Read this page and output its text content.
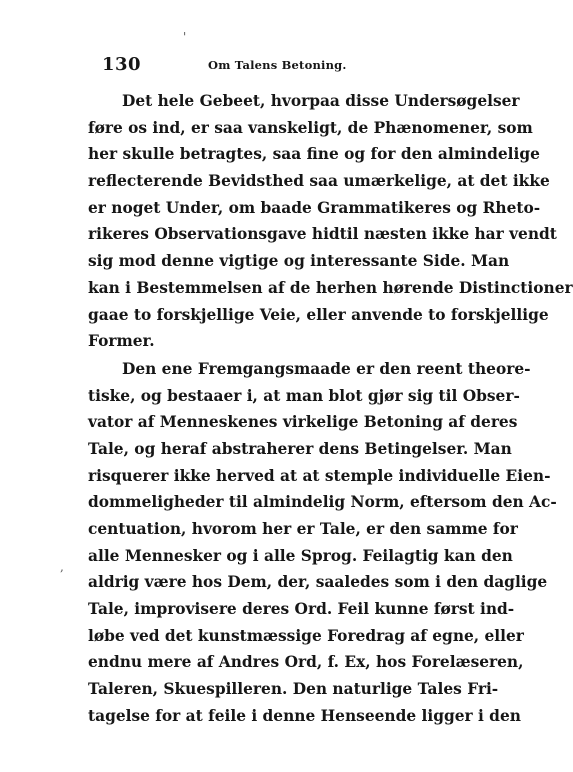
130	Om Talens Betoning.
Det hele Gebeet, hvorpaa disse Undersøgelser
føre os ind, er saa vanskeligt, de Phænomener, som
her skulle betragtes, saa fine og for den almindelige
reflecterende Bevidsthed saa umærkelige, at det ikke
er noget Under, om baade Grammatikeres og Rheto-
rikeres Observationsgave hidtil næsten ikke har vendt
sig mod denne vigtige og interessante Side. Man
kan i Bestemmelsen af de herhen hørende Distinctioner
gaae to forskjellige Veie, eller anvende to forskjellige
Former.
Den ene Fremgangsmaade er den reent theore-
tiske, og bestaaer i, at man blot gjør sig til Obser-
vator af Menneskenes virkelige Betoning af deres
Tale, og heraf abstraherer dens Betingelser. Man
risquerer ikke herved at at stemple individuelle Eien-
dommeligheder til almindelig Norm, eftersom den Ac-
centuation, hvorom her er Tale, er den samme for
alle Mennesker og i alle Sprog. Feilagtig kan den
aldrig være hos Dem, der, saaledes som i den daglige
Tale, improvisere deres Ord. Feil kunne først ind-
løbe ved det kunstmæssige Foredrag af egne, eller
endnu mere af Andres Ord, f. Ex, hos Forelæseren,
Taleren, Skuespilleren. Den naturlige Tales Fri-
tagelse for at feile i denne Henseende ligger i den
'
,
